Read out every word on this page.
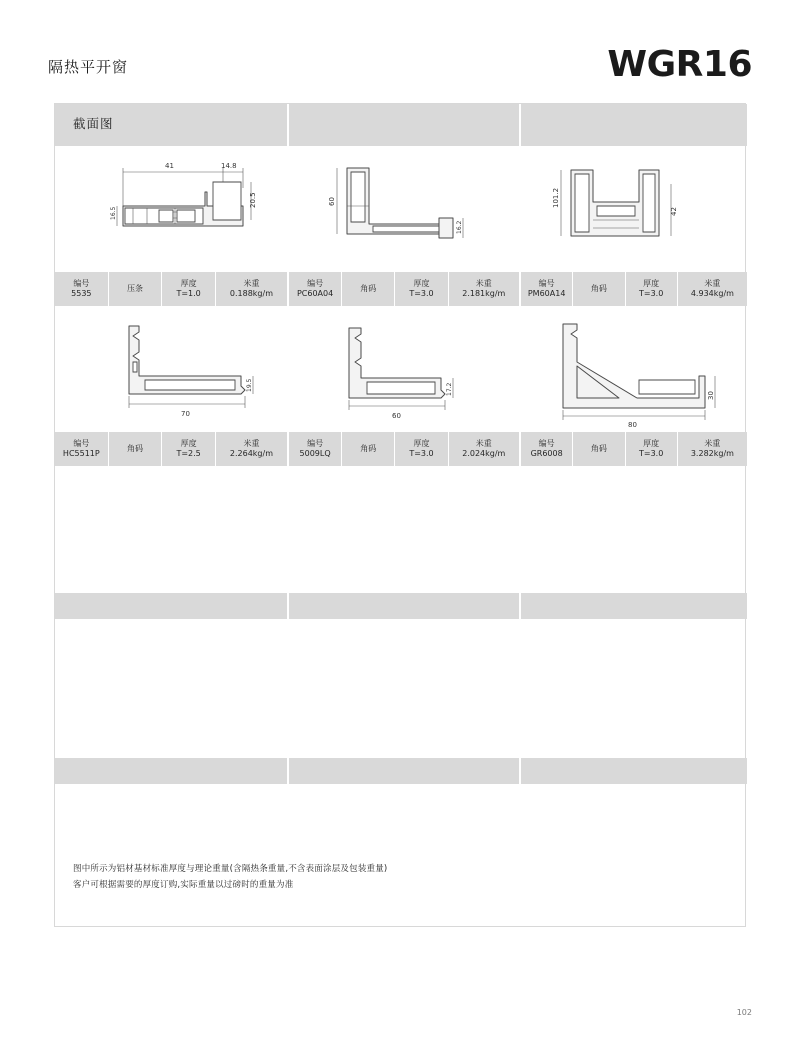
隔热平开窗	WGR16
截面图
41	14.8
20.5
16.5
60
16.2
101.2
42
编号
5535
压条
厚度
T=1.0
米重
0.188kg/m
编号
PC60A04
角码
厚度
T=3.0
米重
2.181kg/m
编号
PM60A14
角码
厚度
T=3.0
米重
4.934kg/m
70
19.5
60
17.2
80
30
编号
HC5511P
角码
厚度
T=2.5
米重
2.264kg/m
编号
5009LQ
角码
厚度
T=3.0
米重
2.024kg/m
编号
GR6008
角码
厚度
T=3.0
米重
3.282kg/m
图中所示为铝材基材标准厚度与理论重量(含隔热条重量,不含表面涂层及包装重量)
客户可根据需要的厚度订购,实际重量以过磅时的重量为准
102
